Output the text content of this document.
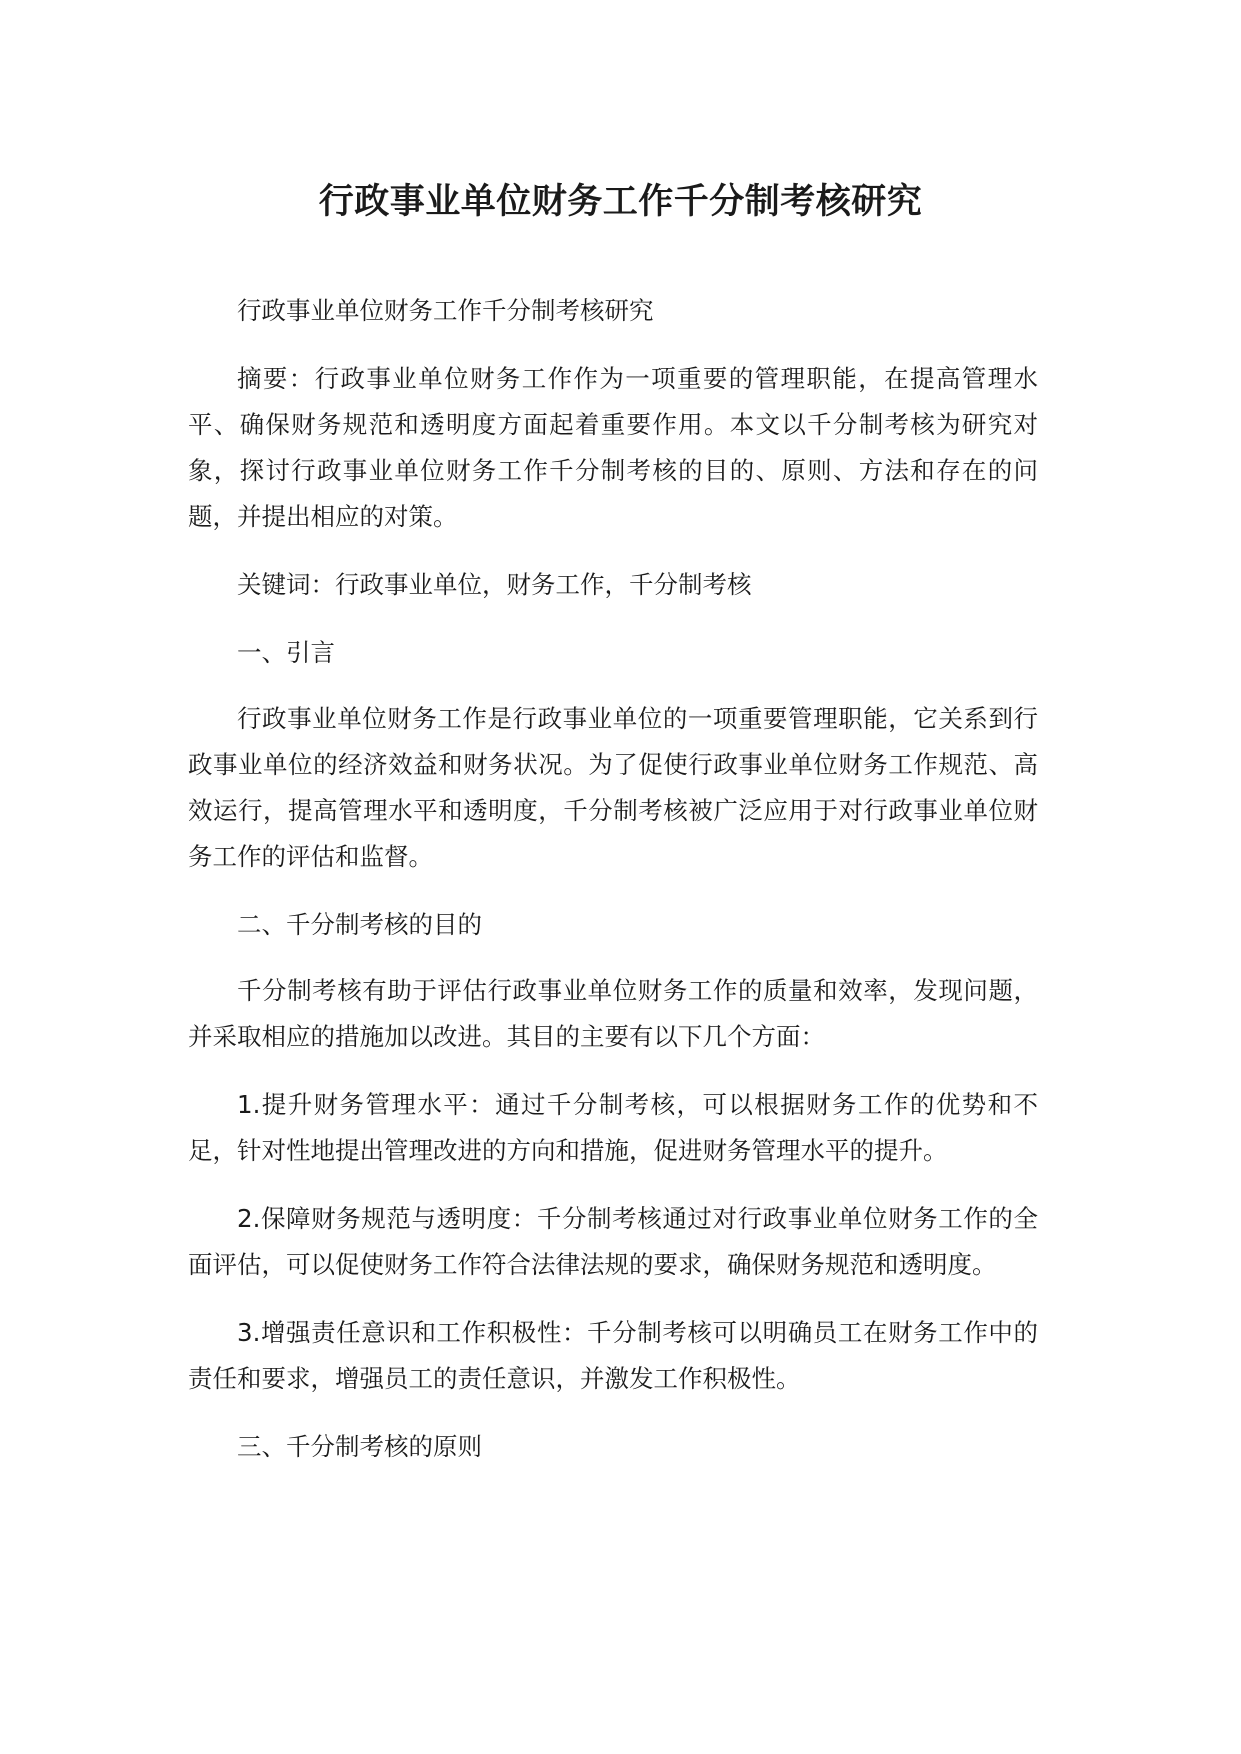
行政事业单位财务工作千分制考核研究

行政事业单位财务工作千分制考核研究

摘要：行政事业单位财务工作作为一项重要的管理职能，在提高管理水平、确保财务规范和透明度方面起着重要作用。本文以千分制考核为研究对象，探讨行政事业单位财务工作千分制考核的目的、原则、方法和存在的问题，并提出相应的对策。

关键词：行政事业单位，财务工作，千分制考核

一、引言

行政事业单位财务工作是行政事业单位的一项重要管理职能，它关系到行政事业单位的经济效益和财务状况。为了促使行政事业单位财务工作规范、高效运行，提高管理水平和透明度，千分制考核被广泛应用于对行政事业单位财务工作的评估和监督。

二、千分制考核的目的

千分制考核有助于评估行政事业单位财务工作的质量和效率，发现问题，并采取相应的措施加以改进。其目的主要有以下几个方面：

1.提升财务管理水平：通过千分制考核，可以根据财务工作的优势和不足，针对性地提出管理改进的方向和措施，促进财务管理水平的提升。

2.保障财务规范与透明度：千分制考核通过对行政事业单位财务工作的全面评估，可以促使财务工作符合法律法规的要求，确保财务规范和透明度。

3.增强责任意识和工作积极性：千分制考核可以明确员工在财务工作中的责任和要求，增强员工的责任意识，并激发工作积极性。

三、千分制考核的原则
